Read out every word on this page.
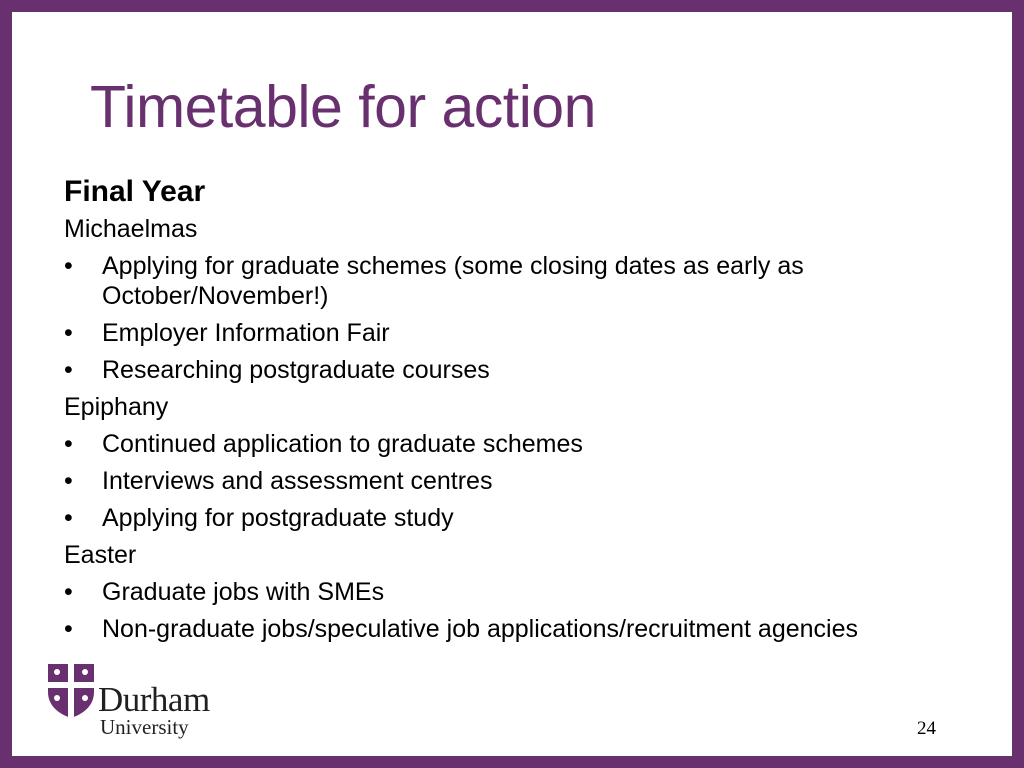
Timetable for action
Final Year
Michaelmas
•	Applying for graduate schemes (some closing dates as early as October/November!)
•	Employer Information Fair
•	Researching postgraduate courses
Epiphany
•	Continued application to graduate schemes
•	Interviews and assessment centres
•	Applying for postgraduate study
Easter
•	Graduate jobs with SMEs
•	Non-graduate jobs/speculative job applications/recruitment agencies
Durham
University	24
